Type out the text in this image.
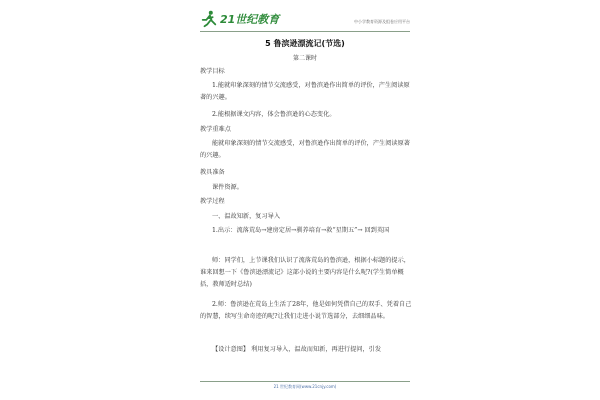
21世纪教育	中小学教育资源及组卷应用平台
5 鲁滨逊漂流记(节选)
第二课时
教学目标
1.能就印象深刻的情节交流感受，对鲁滨逊作出简单的评价，产生阅读原著的兴趣。
2.能根据课文内容，体会鲁滨逊的心态变化。
教学重难点
能就印象深刻的情节交流感受，对鲁滨逊作出简单的评价，产生阅读原著的兴趣。
教具准备
课件资源。
教学过程
一、温故知新，复习导入
1.出示：流落荒岛→建房定居→驯养培育→救“星期五”→ 回到英国
师：同学们，上节课我们认识了流落荒岛的鲁滨逊，根据小标题的提示，谁来回想一下《鲁滨逊漂流记》这部小说的主要内容是什么呢?(学生简单概括，教师适时总结)
2.师：鲁滨逊在荒岛上生活了28年，他是如何凭借自己的双手、凭着自己的智慧，续写生命奇迹的呢?让我们走进小说节选部分，去细细品味。
【设计意图】 利用复习导入，温故而知新，再进行提问，引发
21 世纪教育网(www.21cnjy.com)
